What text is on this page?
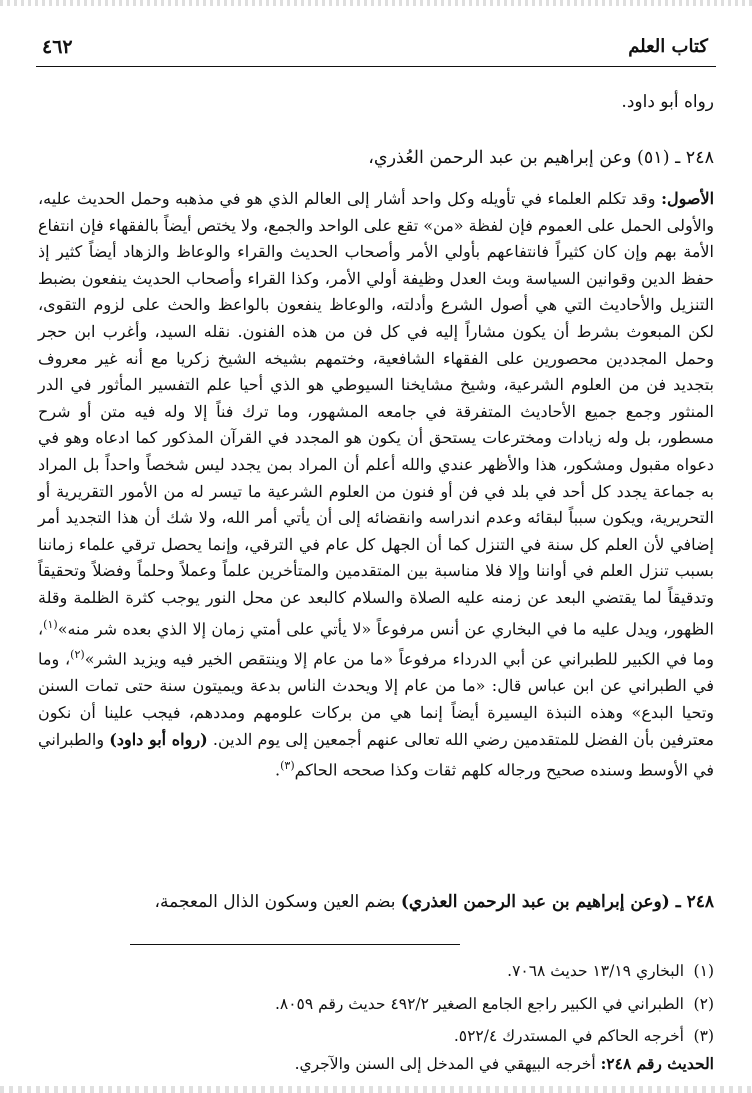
كتاب العلم
٤٦٢
رواه أبو داود.
٢٤٨ ـ (٥١) وعن إبراهيم بن عبد الرحمن العُذري،

الأصول: وقد تكلم العلماء في تأويله وكل واحد أشار إلى العالم الذي هو في مذهبه وحمل الحديث عليه، والأولى الحمل على العموم فإن لفظة «من» تقع على الواحد والجمع، ولا يختص أيضاً بالفقهاء فإن انتفاع الأمة بهم وإن كان كثيراً فانتفاعهم بأولي الأمر وأصحاب الحديث والقراء والوعاظ والزهاد أيضاً كثير إذ حفظ الدين وقوانين السياسة وبث العدل وظيفة أولي الأمر، وكذا القراء وأصحاب الحديث ينفعون بضبط التنزيل والأحاديث التي هي أصول الشرع وأدلته، والوعاظ ينفعون بالواعظ والحث على لزوم التقوى، لكن المبعوث بشرط أن يكون مشاراً إليه في كل فن من هذه الفنون. نقله السيد، وأغرب ابن حجر وحمل المجددين محصورين على الفقهاء الشافعية، وختمهم بشيخه الشيخ زكريا مع أنه غير معروف بتجديد فن من العلوم الشرعية، وشيخ مشايخنا السيوطي هو الذي أحيا علم التفسير المأثور في الدر المنثور وجمع جميع الأحاديث المتفرقة في جامعه المشهور، وما ترك فناً إلا وله فيه متن أو شرح مسطور، بل وله زيادات ومخترعات يستحق أن يكون هو المجدد في القرآن المذكور كما ادعاه وهو في دعواه مقبول ومشكور، هذا والأظهر عندي والله أعلم أن المراد بمن يجدد ليس شخصاً واحداً بل المراد به جماعة يجدد كل أحد في بلد في فن أو فنون من العلوم الشرعية ما تيسر له من الأمور التقريرية أو التحريرية، ويكون سبباً لبقائه وعدم اندراسه وانقضائه إلى أن يأتي أمر الله، ولا شك أن هذا التجديد أمر إضافي لأن العلم كل سنة في التنزل كما أن الجهل كل عام في الترقي، وإنما يحصل ترقي علماء زماننا بسبب تنزل العلم في أواننا وإلا فلا مناسبة بين المتقدمين والمتأخرين علماً وعملاً وحلماً وفضلاً وتحقيقاً وتدقيقاً لما يقتضي البعد عن زمنه عليه الصلاة والسلام كالبعد عن محل النور يوجب كثرة الظلمة وقلة الظهور، ويدل عليه ما في البخاري عن أنس مرفوعاً «لا يأتي على أمتي زمان إلا الذي بعده شر منه»$^{(١)}$، وما في الكبير للطبراني عن أبي الدرداء مرفوعاً «ما من عام إلا وينتقص الخير فيه ويزيد الشر»$^{(٢)}$، وما في الطبراني عن ابن عباس قال: «ما من عام إلا ويحدث الناس بدعة ويميتون سنة حتى تمات السنن وتحيا البدع» وهذه النبذة اليسيرة أيضاً إنما هي من بركات علومهم ومددهم، فيجب علينا أن نكون معترفين بأن الفضل للمتقدمين رضي الله تعالى عنهم أجمعين إلى يوم الدين. (رواه أبو داود) والطبراني في الأوسط وسنده صحيح ورجاله كلهم ثقات وكذا صححه الحاكم$^{(٣)}$.

٢٤٨ ـ (وعن إبراهيم بن عبد الرحمن العذري) بضم العين وسكون الذال المعجمة،
(١)البخاري ١٣/١٩ حديث ٧٠٦٨.
(٢)الطبراني في الكبير راجع الجامع الصغير ٤٩٢/٢ حديث رقم ٨٠٥٩.
(٣)أخرجه الحاكم في المستدرك ٥٢٢/٤.
الحديث رقم ٢٤٨: أخرجه البيهقي في المدخل إلى السنن والآجري.
